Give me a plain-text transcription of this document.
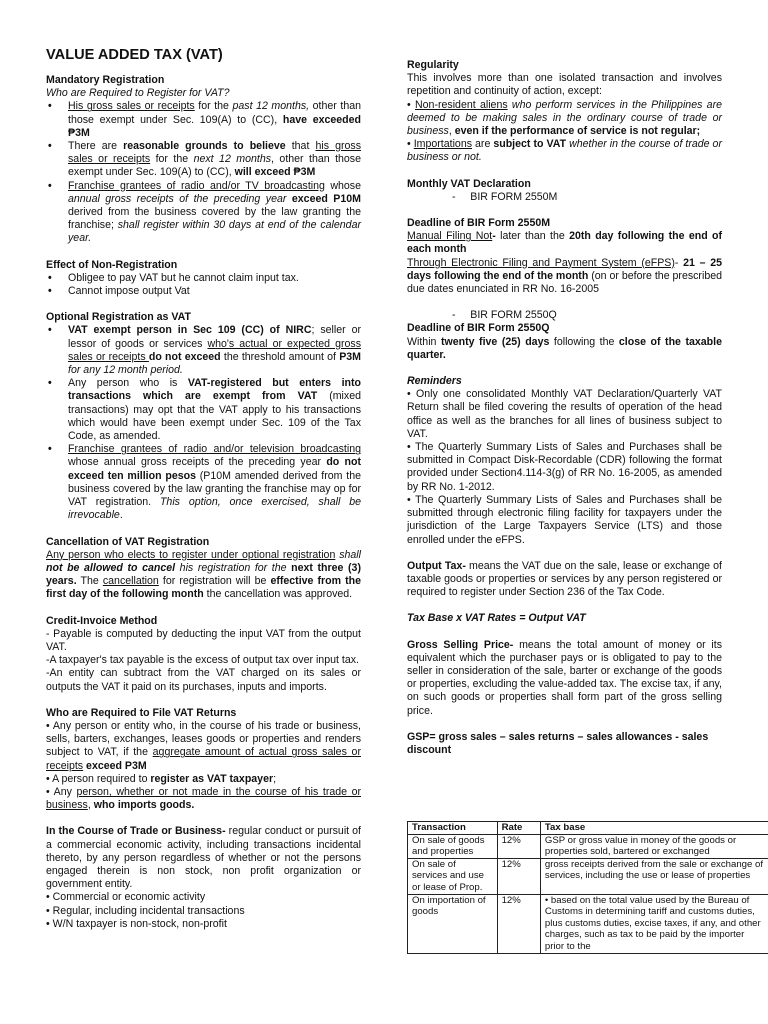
VALUE ADDED TAX (VAT)
Mandatory Registration
Who are Required to Register for VAT?
• His gross sales or receipts for the past 12 months, other than those exempt under Sec. 109(A) to (CC), have exceeded ₱3M
• There are reasonable grounds to believe that his gross sales or receipts for the next 12 months, other than those exempt under Sec. 109(A) to (CC), will exceed ₱3M
• Franchise grantees of radio and/or TV broadcasting whose annual gross receipts of the preceding year exceed P10M derived from the business covered by the law granting the franchise; shall register within 30 days at end of the calendar year.
Effect of Non-Registration
• Obligee to pay VAT but he cannot claim input tax.
• Cannot impose output Vat
Optional Registration as VAT
• VAT exempt person in Sec 109 (CC) of NIRC; seller or lessor of goods or services who's actual or expected gross sales or receipts do not exceed the threshold amount of P3M for any 12 month period.
• Any person who is VAT-registered but enters into transactions which are exempt from VAT (mixed transactions) may opt that the VAT apply to his transactions which would have been exempt under Sec. 109 of the Tax Code, as amended.
• Franchise grantees of radio and/or television broadcasting whose annual gross receipts of the preceding year do not exceed ten million pesos (P10M amended derived from the business covered by the law granting the franchise may op for VAT registration. This option, once exercised, shall be irrevocable.
Cancellation of VAT Registration

Any person who elects to register under optional registration shall not be allowed to cancel his registration for the next three (3) years. The cancellation for registration will be effective from the first day of the following month the cancellation was approved.

Credit-Invoice Method

- Payable is computed by deducting the input VAT from the output VAT.

-A taxpayer's tax payable is the excess of output tax over input tax.

-An entity can subtract from the VAT charged on its sales or outputs the VAT it paid on its purchases, inputs and imports.

Who are Required to File VAT Returns

• Any person or entity who, in the course of his trade or business, sells, barters, exchanges, leases goods or properties and renders subject to VAT, if the aggregate amount of actual gross sales or receipts exceed P3M

• A person required to register as VAT taxpayer;

• Any person, whether or not made in the course of his trade or business, who imports goods.

In the Course of Trade or Business- regular conduct or pursuit of a commercial economic activity, including transactions incidental thereto, by any person regardless of whether or not the persons engaged therein is non stock, non profit organization or government entity.

• Commercial or economic activity
• Regular, including incidental transactions
• W/N taxpayer is non-stock, non-profit
Regularity

This involves more than one isolated transaction and involves repetition and continuity of action, except:

• Non-resident aliens who perform services in the Philippines are deemed to be making sales in the ordinary course of trade or business, even if the performance of service is not regular;

• Importations are subject to VAT whether in the course of trade or business or not.

Monthly VAT Declaration
- BIR FORM 2550M
Deadline of BIR Form 2550M

Manual Filing Not- later than the 20th day following the end of each month

Through Electronic Filing and Payment System (eFPS)- 21 – 25 days following the end of the month (on or before the prescribed due dates enunciated in RR No. 16-2005

- BIR FORM 2550Q
Deadline of BIR Form 2550Q

Within twenty five (25) days following the close of the taxable quarter.

Reminders

• Only one consolidated Monthly VAT Declaration/Quarterly VAT Return shall be filed covering the results of operation of the head office as well as the branches for all lines of business subject to VAT.

• The Quarterly Summary Lists of Sales and Purchases shall be submitted in Compact Disk-Recordable (CDR) following the format provided under Section4.114-3(g) of RR No. 16-2005, as amended by RR No. 1-2012.

• The Quarterly Summary Lists of Sales and Purchases shall be submitted through electronic filing facility for taxpayers under the jurisdiction of the Large Taxpayers Service (LTS) and those enrolled under the eFPS.

Output Tax- means the VAT due on the sale, lease or exchange of taxable goods or properties or services by any person registered or required to register under Section 236 of the Tax Code.

Tax Base x VAT Rates = Output VAT

Gross Selling Price- means the total amount of money or its equivalent which the purchaser pays or is obligated to pay to the seller in consideration of the sale, barter or exchange of the goods or properties, excluding the value-added tax. The excise tax, if any, on such goods or properties shall form part of the gross selling price.

GSP= gross sales – sales returns – sales allowances - sales discount
Transaction	Rate	Tax base
On sale of goods and properties	12%	GSP or gross value in money of the goods or properties sold, bartered or exchanged
On sale of services and use or lease of Prop.	12%	gross receipts derived from the sale or exchange of services, including the use or lease of properties
On importation of goods	12%	• based on the total value used by the Bureau of Customs in determining tariff and customs duties, plus customs duties, excise taxes, if any, and other charges, such as tax to be paid by the importer prior to the
